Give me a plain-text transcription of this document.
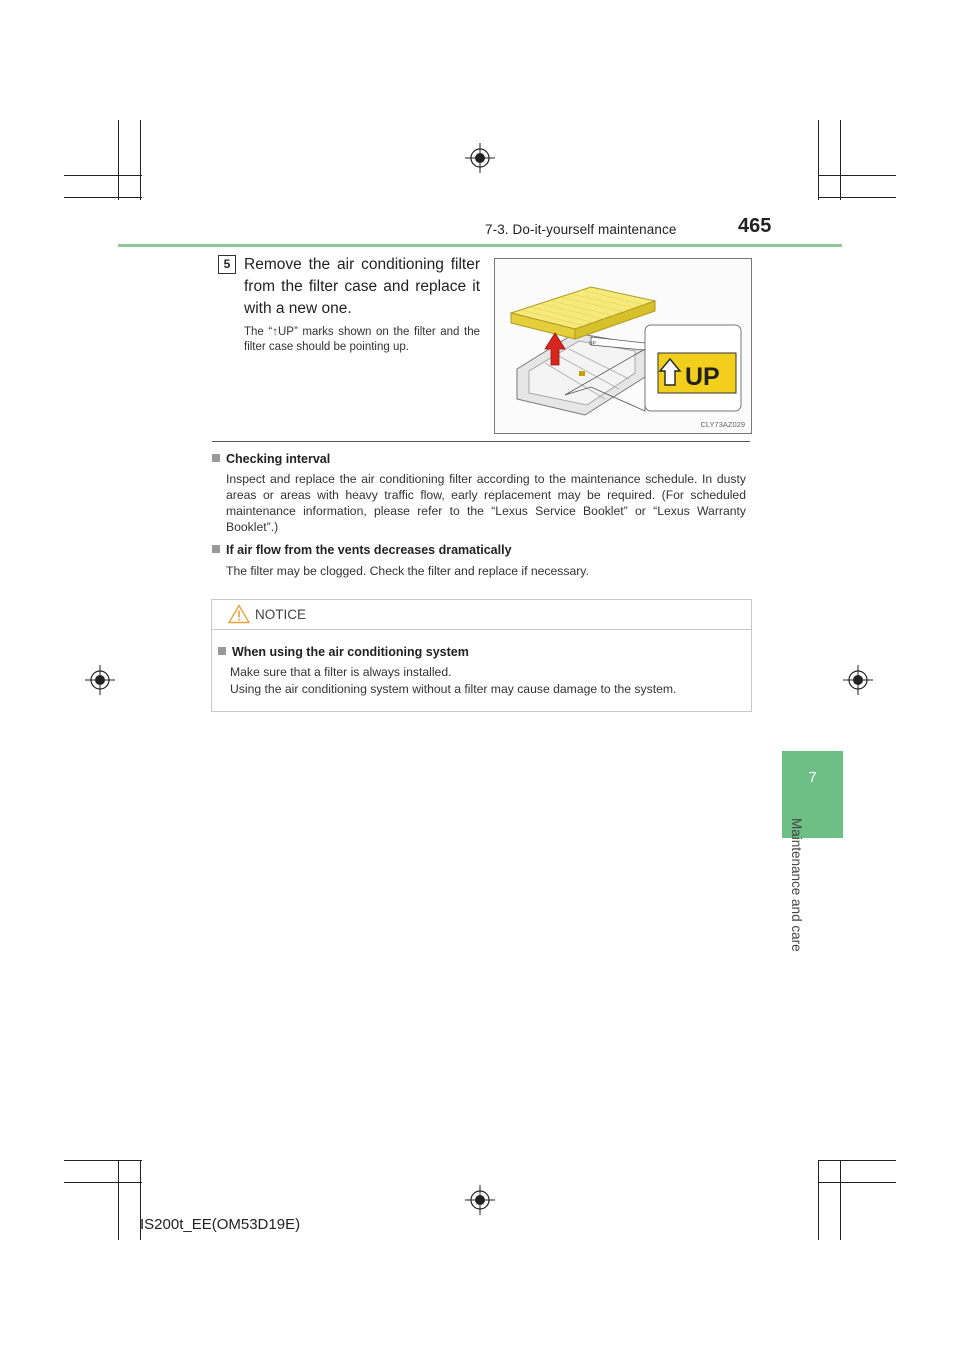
7-3. Do-it-yourself maintenance	465
7
Maintenance and care
5 Remove the air conditioning filter from the filter case and replace it with a new one.
The “↑UP” marks shown on the filter and the filter case should be pointing up.	UP
UP
CLY73AZ029
Checking interval
Inspect and replace the air conditioning filter according to the maintenance schedule. In dusty areas or areas with heavy traffic flow, early replacement may be required. (For scheduled maintenance information, please refer to the “Lexus Service Booklet” or “Lexus Warranty Booklet”.)
If air flow from the vents decreases dramatically
The filter may be clogged. Check the filter and replace if necessary.
NOTICE
When using the air conditioning system
Make sure that a filter is always installed.
Using the air conditioning system without a filter may cause damage to the system.
IS200t_EE(OM53D19E)
